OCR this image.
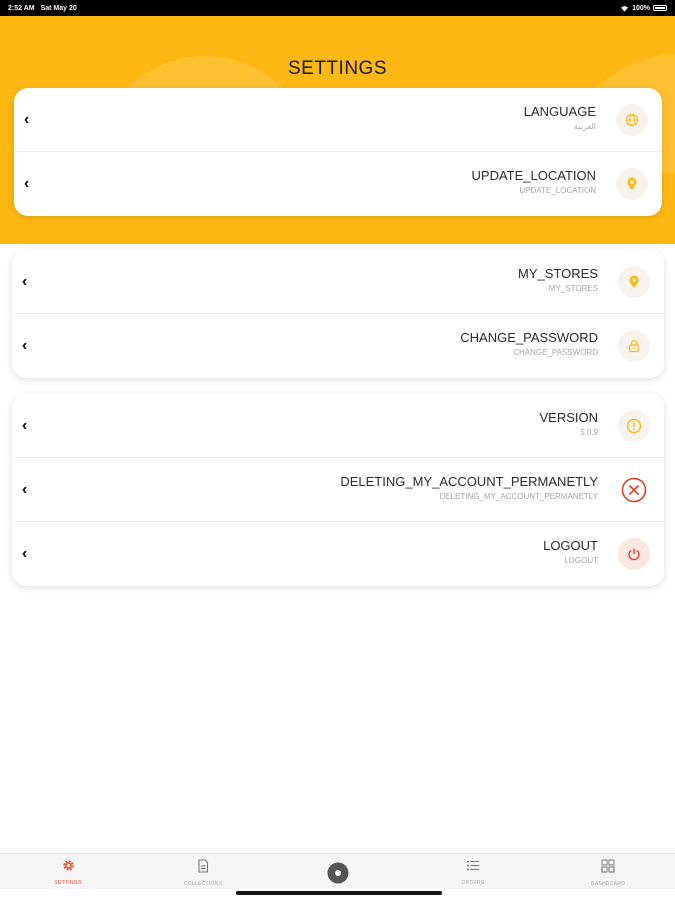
2:52 AM Sat May 20	100%
SETTINGS
‹	LANGUAGE
العربية
‹	UPDATE_LOCATION
UPDATE_LOCATION
‹	MY_STORES
MY_STORES
‹	CHANGE_PASSWORD
CHANGE_PASSWORD
‹	VERSION
5.0.9
‹	DELETING_MY_ACCOUNT_PERMANETLY
DELETING_MY_ACCOUNT_PERMANETLY
‹	LOGOUT
LOGOUT
SETTINGS	COLLECTIONS	ORDERS	DASHBOARD
